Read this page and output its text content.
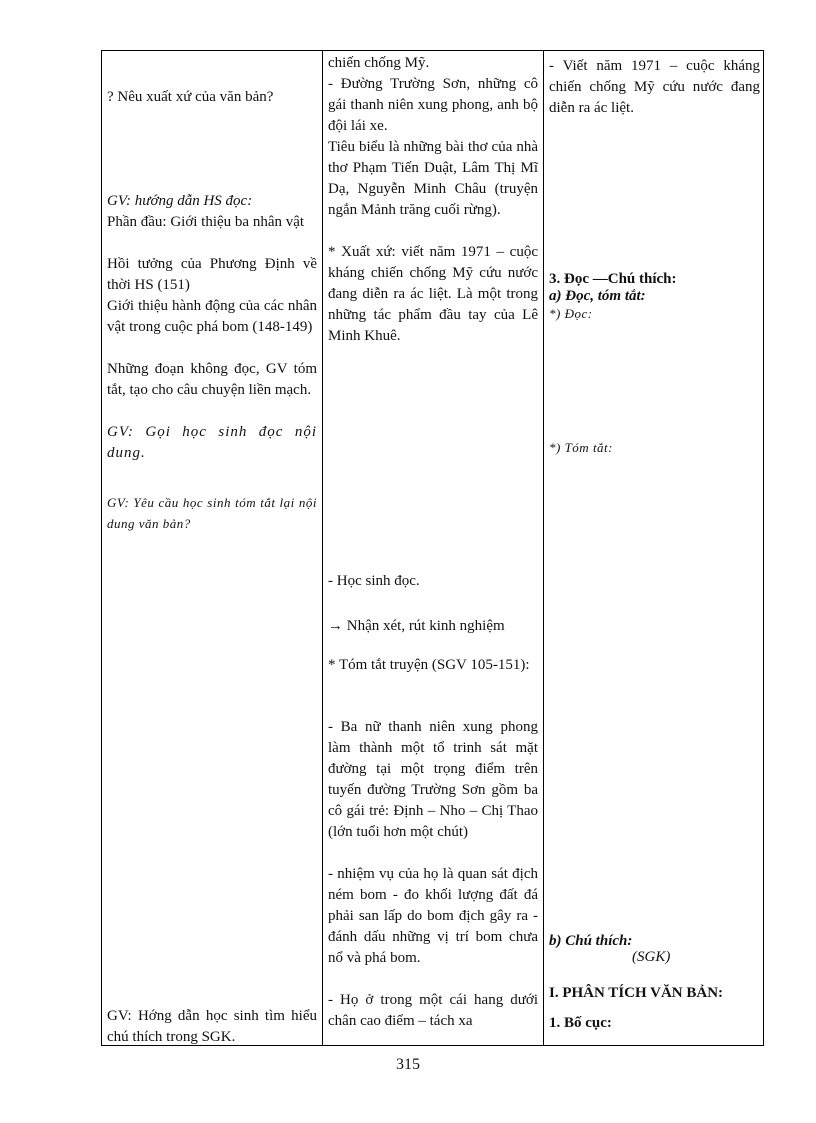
? Nêu xuất xứ của văn bản?
GV: hướng dẫn HS đọc:
Phần đầu: Giới thiệu ba nhân vật
Hồi tưởng của Phương Định về thời HS (151)
Giới thiệu hành động của các nhân vật trong cuộc phá bom (148-149)
Những đoạn không đọc, GV tóm tắt, tạo cho câu chuyện liền mạch.
GV: Gọi học sinh đọc nội dung.
GV: Yêu cầu học sinh tóm tắt lại nội dung văn bản?
GV: Hớng dẫn học sinh tìm hiểu chú thích trong SGK.
chiến chống Mỹ.
- Đường Trường Sơn, những cô gái thanh niên xung phong, anh bộ đội lái xe.
Tiêu biểu là những bài thơ của nhà thơ Phạm Tiến Duật, Lâm Thị Mĩ Dạ, Nguyễn Minh Châu (truyện ngắn Mảnh trăng cuối rừng).
* Xuất xứ: viết năm 1971 – cuộc kháng chiến chống Mỹ cứu nước đang diễn ra ác liệt. Là một trong những tác phẩm đầu tay của Lê Minh Khuê.
- Học sinh đọc.
→ Nhận xét, rút kinh nghiệm
* Tóm tắt truyện (SGV 105-151):
- Ba nữ thanh niên xung phong làm thành một tổ trinh sát mặt đường tại một trọng điểm trên tuyến đường Trường Sơn gồm ba cô gái trẻ: Định – Nho – Chị Thao (lớn tuổi hơn một chút)
- nhiệm vụ của họ là quan sát địch ném bom - đo khối lượng đất đá phải san lấp do bom địch gây ra - đánh dấu những vị trí bom chưa nổ và phá bom.
- Họ ở trong một cái hang dưới chân cao điểm – tách xa
- Viết năm 1971 – cuộc kháng chiến chống Mỹ cứu nước đang diễn ra ác liệt.
3. Đọc —Chú thích:
a) Đọc, tóm tắt:
*) Đọc:
*) Tóm tắt:
b) Chú thích:
(SGK)
I. PHÂN TÍCH VĂN BẢN:
1. Bố cục:
315
